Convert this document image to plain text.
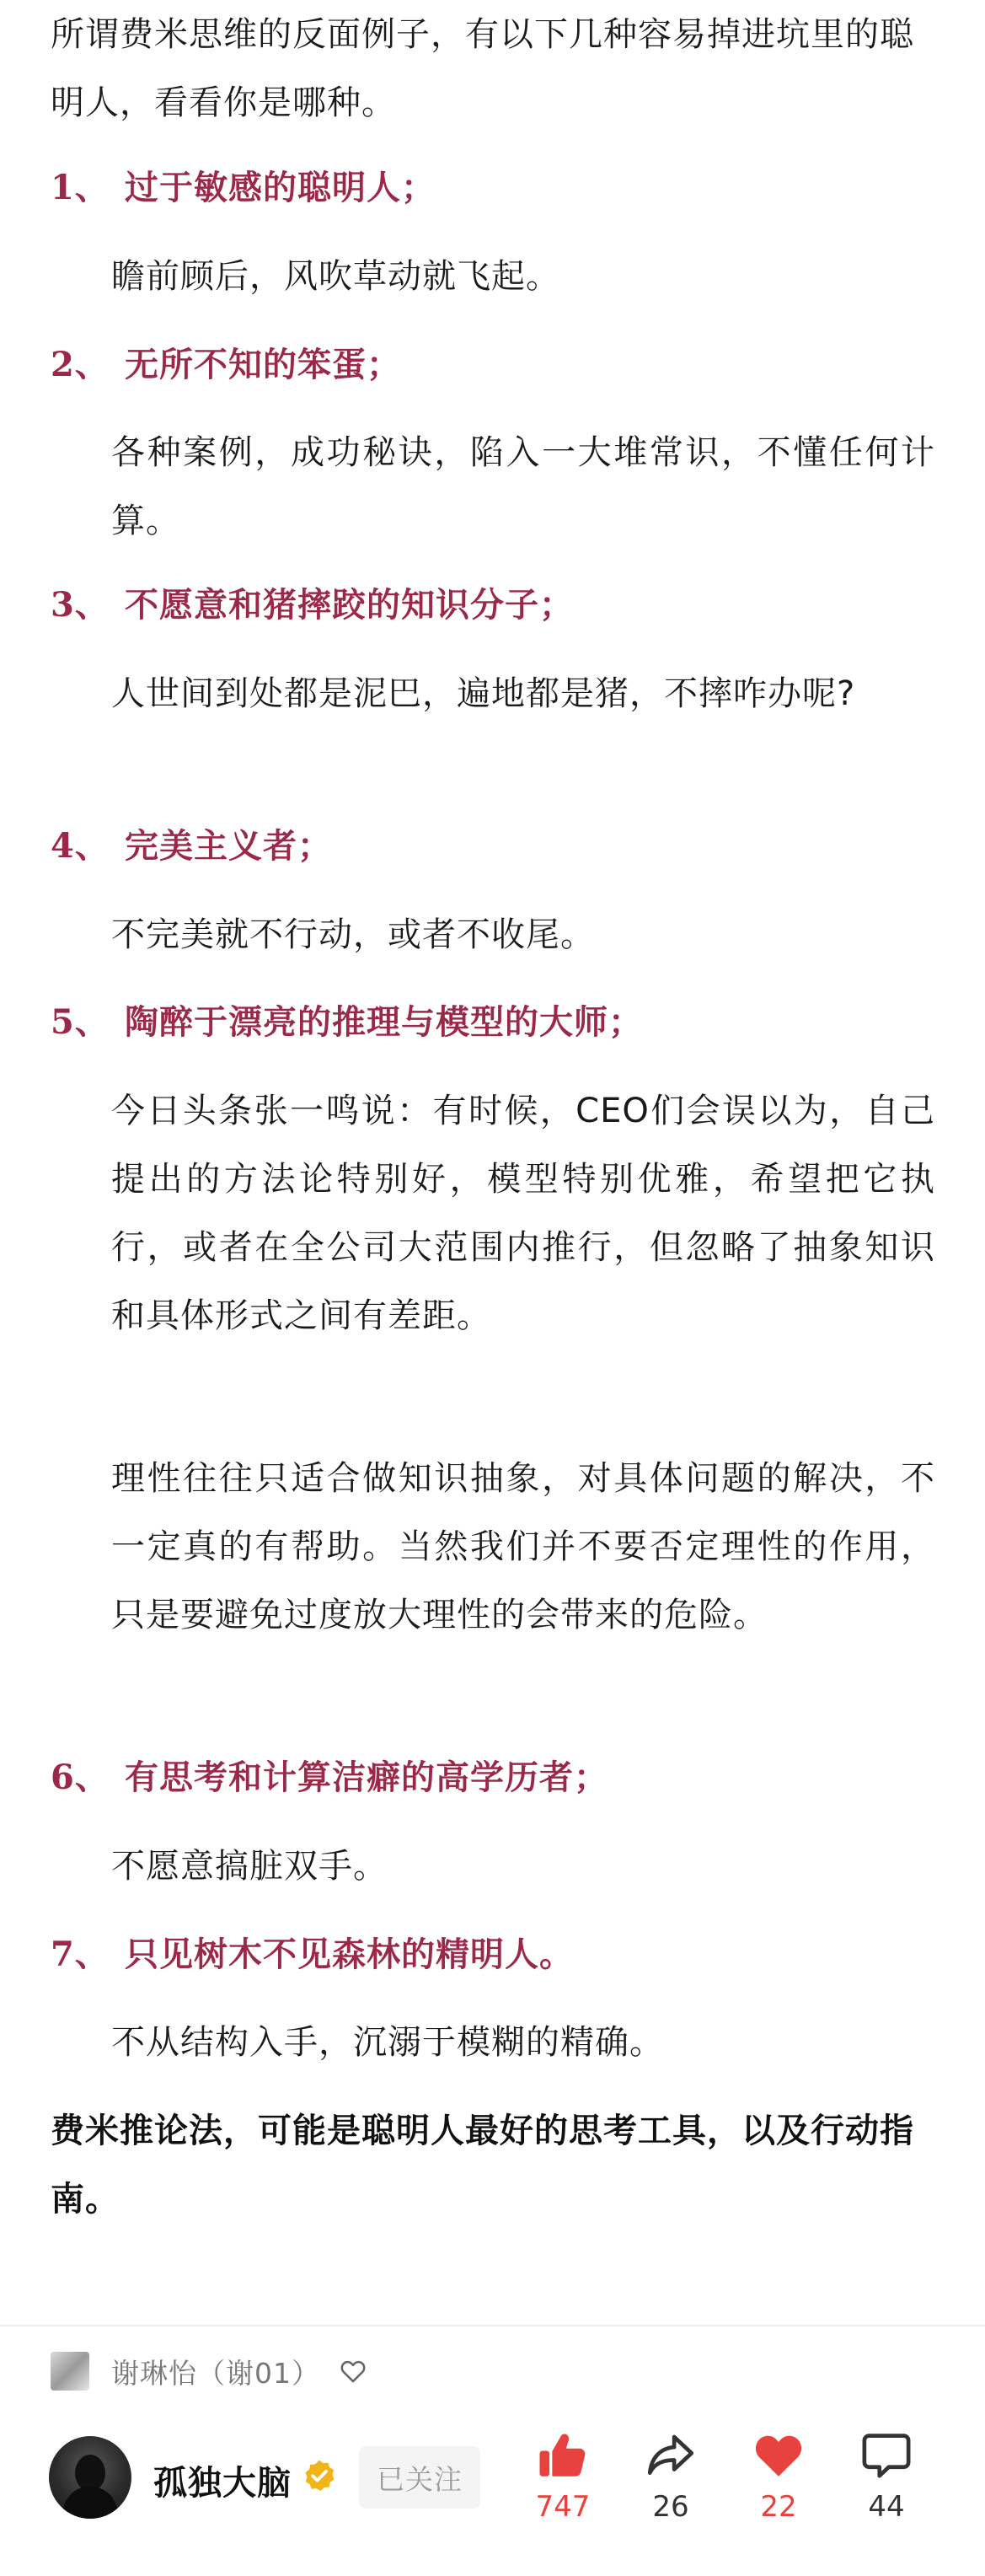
所谓费米思维的反面例子，有以下几种容易掉进坑里的聪明人，看看你是哪种。

1、 过于敏感的聪明人；

瞻前顾后，风吹草动就飞起。

2、 无所不知的笨蛋；

各种案例，成功秘诀，陷入一大堆常识，不懂任何计算。

3、 不愿意和猪摔跤的知识分子；

人世间到处都是泥巴，遍地都是猪，不摔咋办呢?

4、 完美主义者；

不完美就不行动，或者不收尾。

5、 陶醉于漂亮的推理与模型的大师；

今日头条张一鸣说：有时候，CEO们会误以为，自己提出的方法论特别好，模型特别优雅，希望把它执行，或者在全公司大范围内推行，但忽略了抽象知识和具体形式之间有差距。

理性往往只适合做知识抽象，对具体问题的解决，不一定真的有帮助。当然我们并不要否定理性的作用，只是要避免过度放大理性的会带来的危险。

6、 有思考和计算洁癖的高学历者；

不愿意搞脏双手。

7、 只见树木不见森林的精明人。

不从结构入手，沉溺于模糊的精确。

费米推论法，可能是聪明人最好的思考工具，以及行动指南。

谢琳怡（谢01）
孤独大脑	已关注
747	26	22	44
